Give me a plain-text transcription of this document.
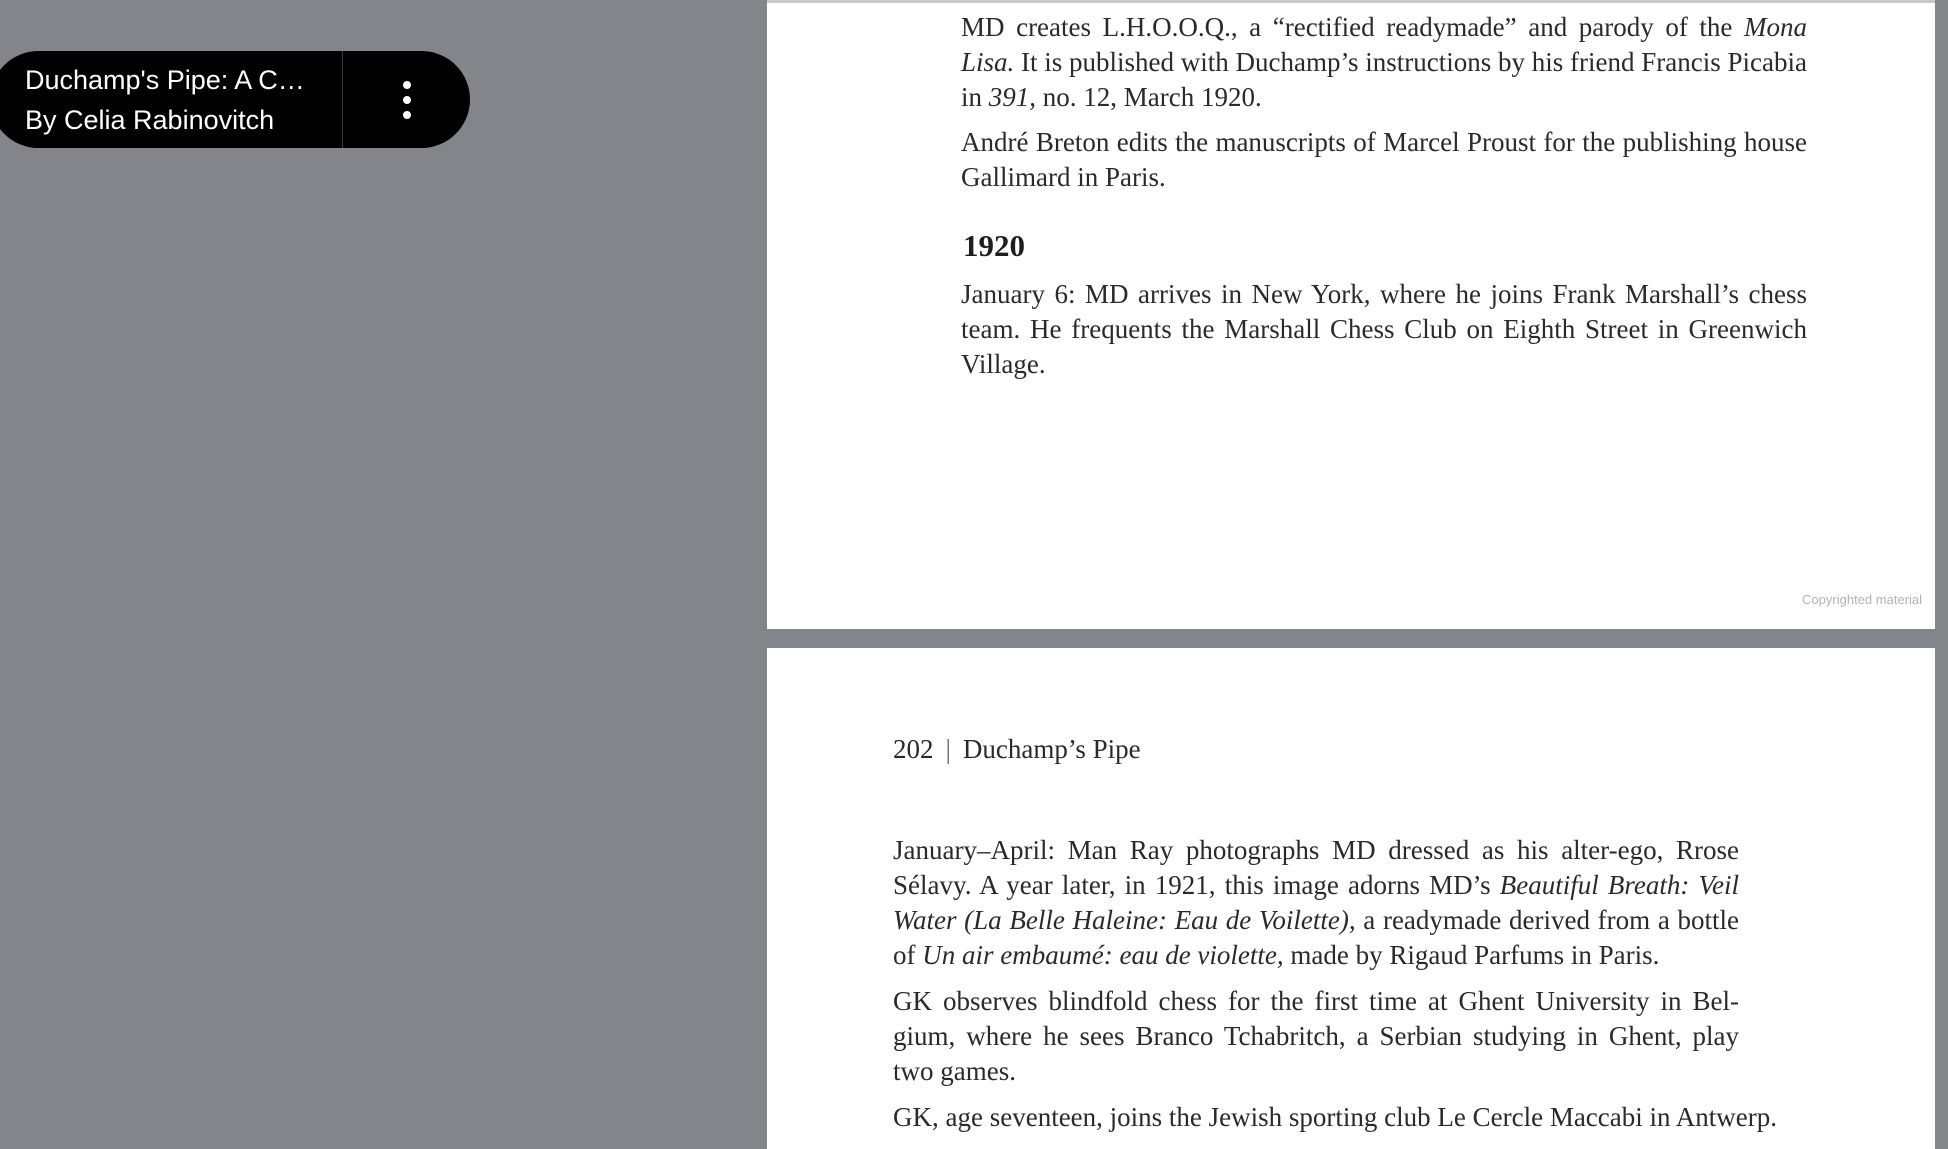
Duchamp's Pipe: A C…
By Celia Rabinovitch

MD creates L.H.O.O.Q., a “rectified readymade” and parody of the Mona Lisa. It is published with Duchamp’s instructions by his friend Francis Picabia in 391, no. 12, March 1920.

André Breton edits the manuscripts of Marcel Proust for the publishing house Gallimard in Paris.

1920

January 6: MD arrives in New York, where he joins Frank Marshall’s chess team. He frequents the Marshall Chess Club on Eighth Street in Greenwich Village.

Copyrighted material
202 | Duchamp’s Pipe

January–April: Man Ray photographs MD dressed as his alter-ego, Rrose Sélavy. A year later, in 1921, this image adorns MD’s Beautiful Breath: Veil Water (La Belle Haleine: Eau de Voilette), a readymade derived from a bottle of Un air embaumé: eau de violette, made by Rigaud Parfums in Paris.

GK observes blindfold chess for the first time at Ghent University in Bel-gium, where he sees Branco Tchabritch, a Serbian studying in Ghent, play two games.

GK, age seventeen, joins the Jewish sporting club Le Cercle Maccabi in Antwerp.
